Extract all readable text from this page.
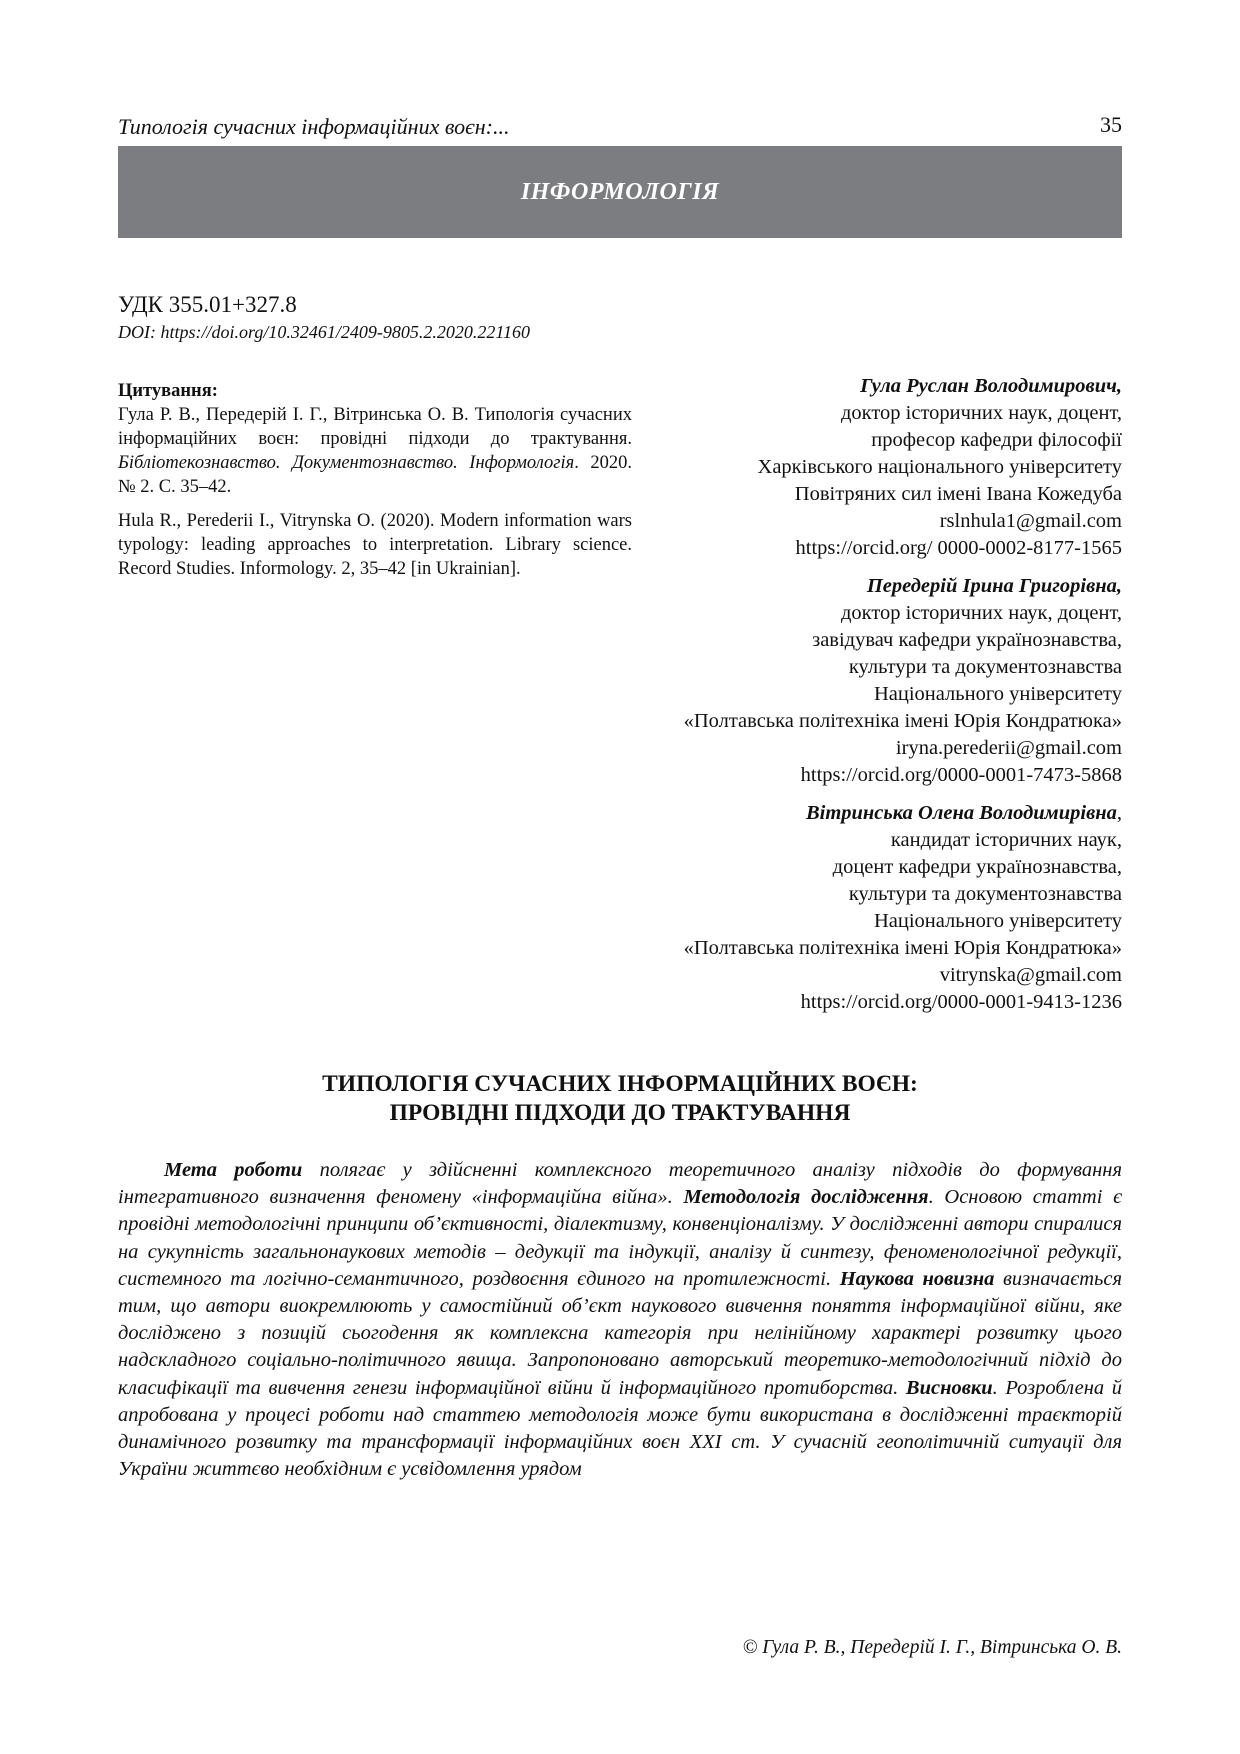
Типологія сучасних інформаційних воєн:...	35
ІНФОРМОЛОГІЯ
УДК 355.01+327.8
DOI: https://doi.org/10.32461/2409-9805.2.2020.221160
Цитування:

Гула Р. В., Передерій І. Г., Вітринська О. В. Типологія сучасних інформаційних воєн: провідні підходи до трактування. Бібліотекознавство. Документознавство. Інформологія. 2020. № 2. С. 35–42.

Hula R., Perederii I., Vitrynska O. (2020). Modern information wars typology: leading approaches to interpretation. Library science. Record Studies. Informology. 2, 35–42 [in Ukrainian].

Гула Руслан Володимирович,
доктор історичних наук, доцент,
професор кафедри філософії
Харківського національного університету
Повітряних сил імені Івана Кожедуба
rslnhula1@gmail.com
https://orcid.org/ 0000-0002-8177-1565
Передерій Ірина Григорівна,
доктор історичних наук, доцент,
завідувач кафедри українознавства,
культури та документознавства
Національного університету
«Полтавська політехніка імені Юрія Кондратюка»
iryna.perederii@gmail.com
https://orcid.org/0000-0001-7473-5868
Вітринська Олена Володимирівна,
кандидат історичних наук,
доцент кафедри українознавства,
культури та документознавства
Національного університету
«Полтавська політехніка імені Юрія Кондратюка»
vitrynska@gmail.com
https://orcid.org/0000-0001-9413-1236
ТИПОЛОГІЯ СУЧАСНИХ ІНФОРМАЦІЙНИХ ВОЄН:
ПРОВІДНІ ПІДХОДИ ДО ТРАКТУВАННЯ
Мета роботи полягає у здійсненні комплексного теоретичного аналізу підходів до формування інтегративного визначення феномену «інформаційна війна». Методологія дослідження. Основою статті є провідні методологічні принципи об’єктивності, діалектизму, конвенціоналізму. У дослідженні автори спиралися на сукупність загальнонаукових методів – дедукції та індукції, аналізу й синтезу, феноменологічної редукції, системного та логічно-семантичного, роздвоєння єдиного на протилежності. Наукова новизна визначається тим, що автори виокремлюють у самостійний об’єкт наукового вивчення поняття інформаційної війни, яке досліджено з позицій сьогодення як комплексна категорія при нелінійному характері розвитку цього надскладного соціально-політичного явища. Запропоновано авторський теоретико-методологічний підхід до класифікації та вивчення генези інформаційної війни й інформаційного протиборства. Висновки. Розроблена й апробована у процесі роботи над статтею методологія може бути використана в дослідженні траєкторій динамічного розвитку та трансформації інформаційних воєн XXI ст. У сучасній геополітичній ситуації для України життєво необхідним є усвідомлення урядом
© Гула Р. В., Передерій І. Г., Вітринська О. В.
